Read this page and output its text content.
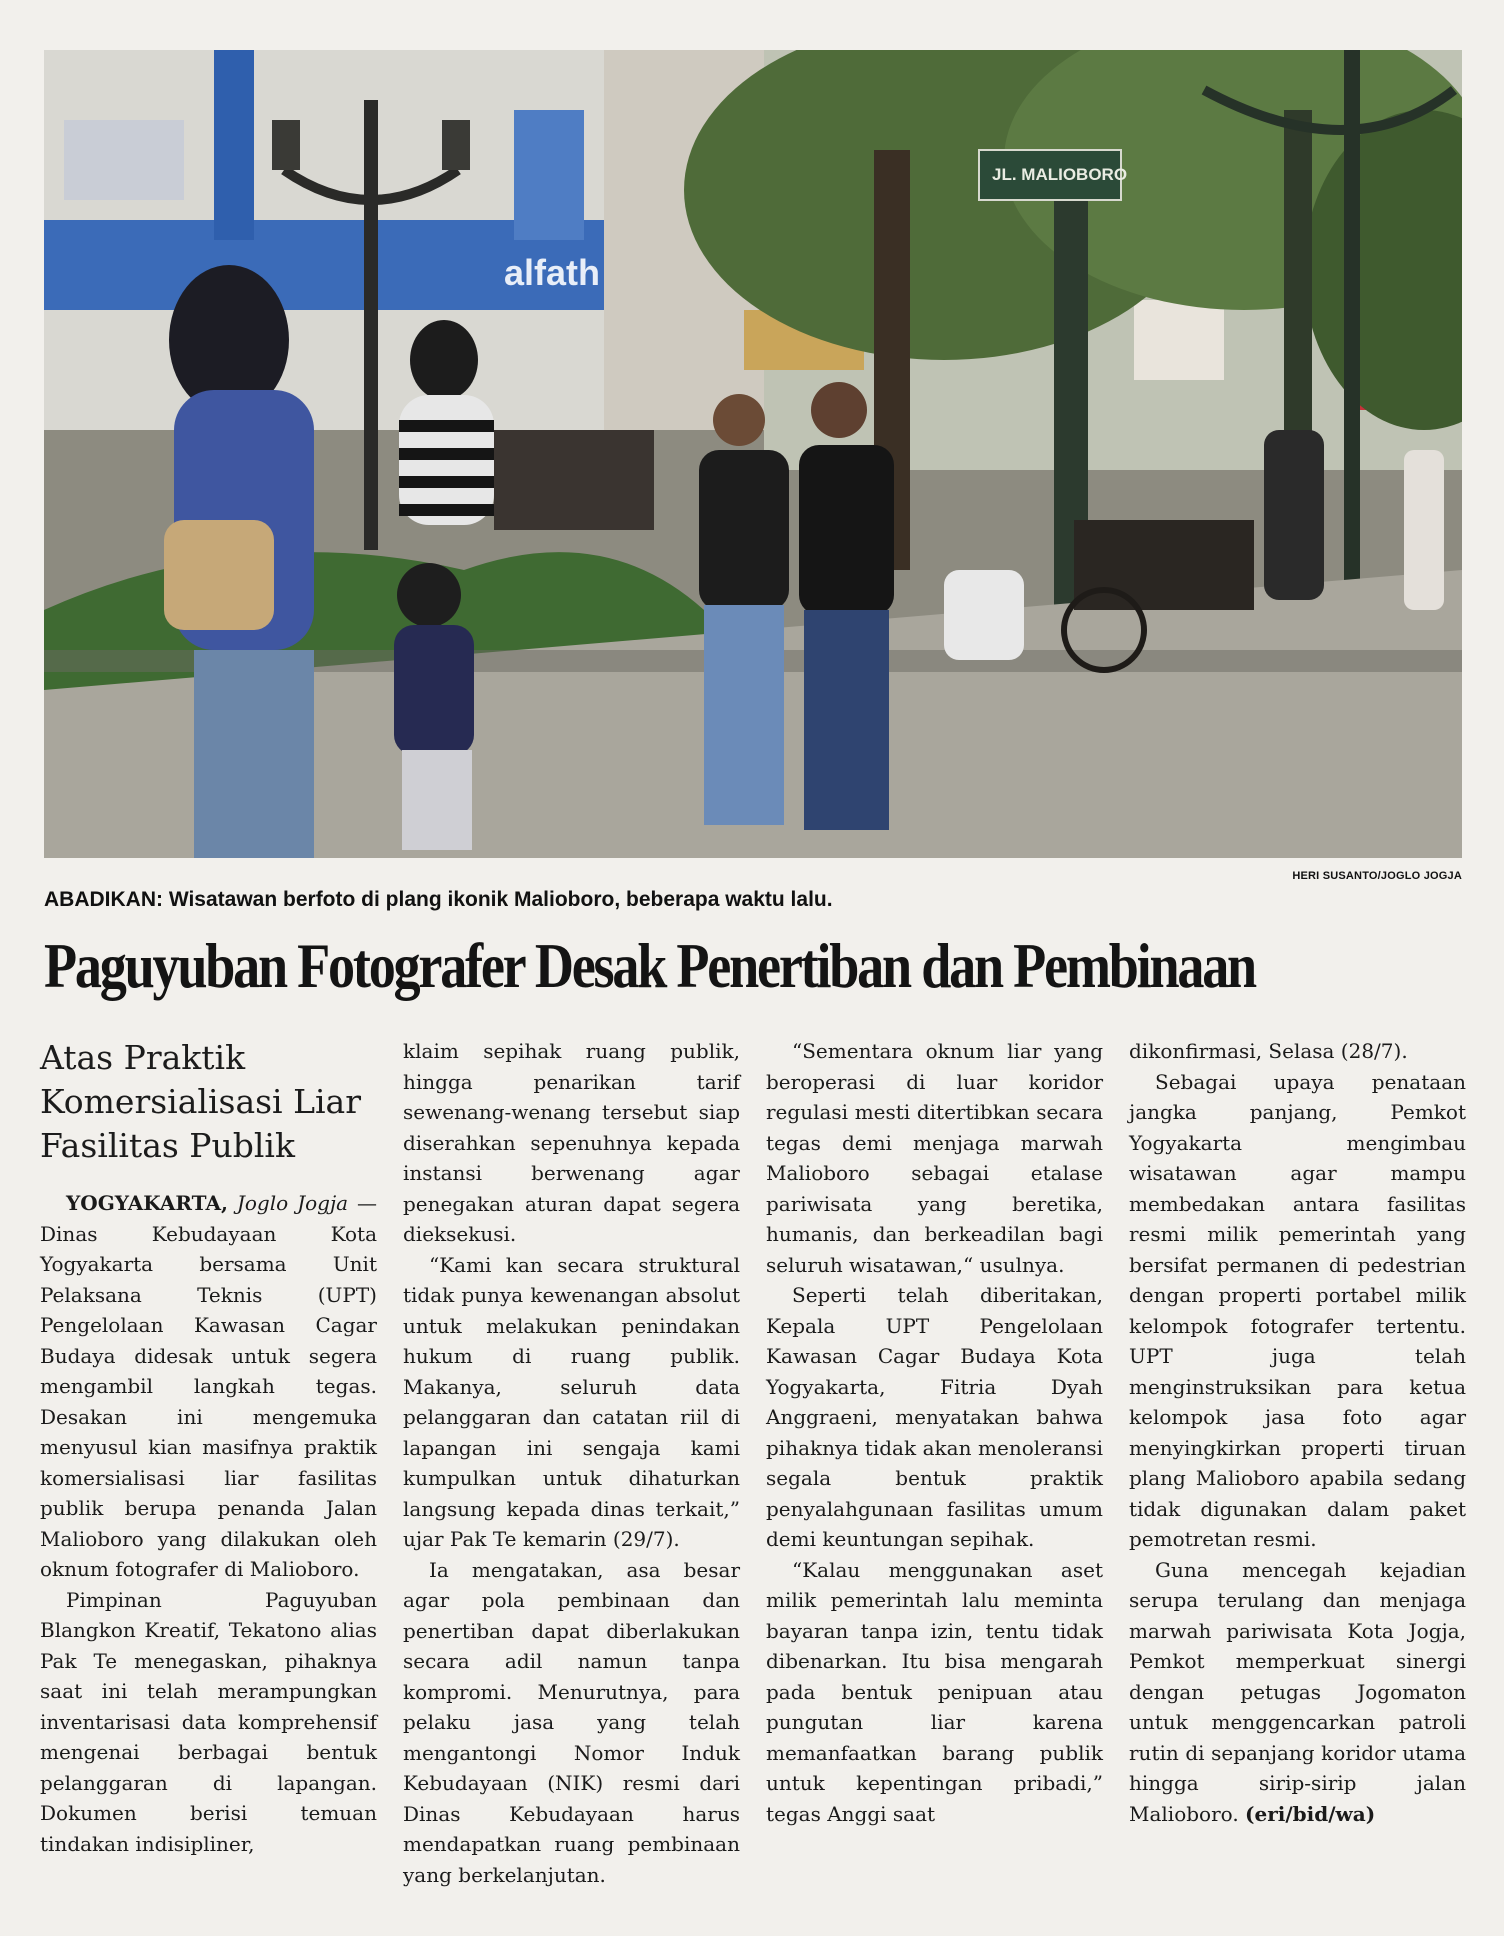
alfath
JL. MALIOBORO
HERI SUSANTO/JOGLO JOGJA
ABADIKAN: Wisatawan berfoto di plang ikonik Malioboro, beberapa waktu lalu.
Paguyuban Fotografer Desak Penertiban dan Pembinaan
Atas Praktik Komersialisasi Liar Fasilitas Publik

YOGYAKARTA, Joglo Jogja — Dinas Kebudayaan Kota Yogyakarta bersama Unit Pelaksana Teknis (UPT) Pengelolaan Kawasan Cagar Budaya didesak untuk segera mengambil langkah tegas. Desakan ini mengemuka menyusul kian masifnya praktik komersialisasi liar fasilitas publik berupa penanda Jalan Malioboro yang dilakukan oleh oknum fotografer di Malioboro.

Pimpinan Paguyuban Blangkon Kreatif, Tekatono alias Pak Te menegaskan, pihaknya saat ini telah merampungkan inventarisasi data komprehensif mengenai berbagai bentuk pelanggaran di lapangan. Dokumen berisi temuan tindakan indisipliner,

klaim sepihak ruang publik, hingga penarikan tarif sewenang-wenang tersebut siap diserahkan sepenuhnya kepada instansi berwenang agar penegakan aturan dapat segera dieksekusi.

“Kami kan secara struktural tidak punya kewenangan absolut untuk melakukan penindakan hukum di ruang publik. Makanya, seluruh data pelanggaran dan catatan riil di lapangan ini sengaja kami kumpulkan untuk dihaturkan langsung kepada dinas terkait,” ujar Pak Te kemarin (29/7).

Ia mengatakan, asa besar agar pola pembinaan dan penertiban dapat diberlakukan secara adil namun tanpa kompromi. Menurutnya, para pelaku jasa yang telah mengantongi Nomor Induk Kebudayaan (NIK) resmi dari Dinas Kebudayaan harus mendapatkan ruang pembinaan yang berkelanjutan.

“Sementara oknum liar yang beroperasi di luar koridor regulasi mesti ditertibkan secara tegas demi menjaga marwah Malioboro sebagai etalase pariwisata yang beretika, humanis, dan berkeadilan bagi seluruh wisatawan,“ usulnya.

Seperti telah diberitakan, Kepala UPT Pengelolaan Kawasan Cagar Budaya Kota Yogyakarta, Fitria Dyah Anggraeni, menyatakan bahwa pihaknya tidak akan menoleransi segala bentuk praktik penyalahgunaan fasilitas umum demi keuntungan sepihak.

“Kalau menggunakan aset milik pemerintah lalu meminta bayaran tanpa izin, tentu tidak dibenarkan. Itu bisa mengarah pada bentuk penipuan atau pungutan liar karena memanfaatkan barang publik untuk kepentingan pribadi,” tegas Anggi saat

dikonfirmasi, Selasa (28/7).

Sebagai upaya penataan jangka panjang, Pemkot Yogyakarta mengimbau wisatawan agar mampu membedakan antara fasilitas resmi milik pemerintah yang bersifat permanen di pedestrian dengan properti portabel milik kelompok fotografer tertentu. UPT juga telah menginstruksikan para ketua kelompok jasa foto agar menyingkirkan properti tiruan plang Malioboro apabila sedang tidak digunakan dalam paket pemotretan resmi.

Guna mencegah kejadian serupa terulang dan menjaga marwah pariwisata Kota Jogja, Pemkot memperkuat sinergi dengan petugas Jogomaton untuk menggencarkan patroli rutin di sepanjang koridor utama hingga sirip-sirip jalan Malioboro. (eri/bid/wa)
